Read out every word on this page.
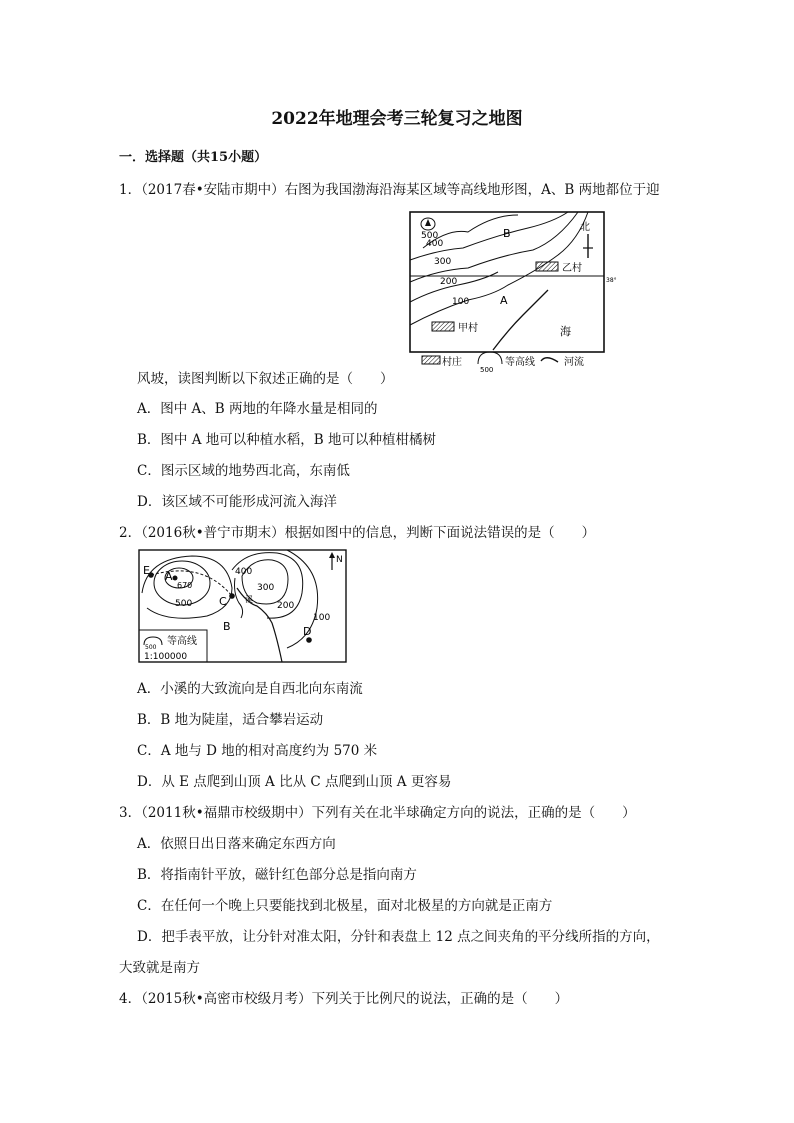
2022年地理会考三轮复习之地图
一．选择题（共15小题）
1．（2017春•安陆市期中）右图为我国渤海沿海某区域等高线地形图，A、B 两地都位于迎
北
38°
500
400
300
200
100
B
A
乙村
甲村	海
村庄
500
等高线	河流
风坡，读图判断以下叙述正确的是（　　）
A．图中 A、B 两地的年降水量是相同的
B．图中 A 地可以种植水稻，B 地可以种植柑橘树
C．图示区域的地势西北高，东南低
D．该区域不可能形成河流入海洋
2．（2016秋•普宁市期末）根据如图中的信息，判断下面说法错误的是（　　）
500
等高线
1:100000
E A
670
C
B	D
500
400
300
200
100
溪
N
A．小溪的大致流向是自西北向东南流
B．B 地为陡崖，适合攀岩运动
C．A 地与 D 地的相对高度约为 570 米
D．从 E 点爬到山顶 A 比从 C 点爬到山顶 A 更容易
3．（2011秋•福鼎市校级期中）下列有关在北半球确定方向的说法，正确的是（　　）
A．依照日出日落来确定东西方向
B．将指南针平放，磁针红色部分总是指向南方
C．在任何一个晚上只要能找到北极星，面对北极星的方向就是正南方
D．把手表平放，让分针对准太阳，分针和表盘上 12 点之间夹角的平分线所指的方向，
大致就是南方
4．（2015秋•高密市校级月考）下列关于比例尺的说法，正确的是（　　）
